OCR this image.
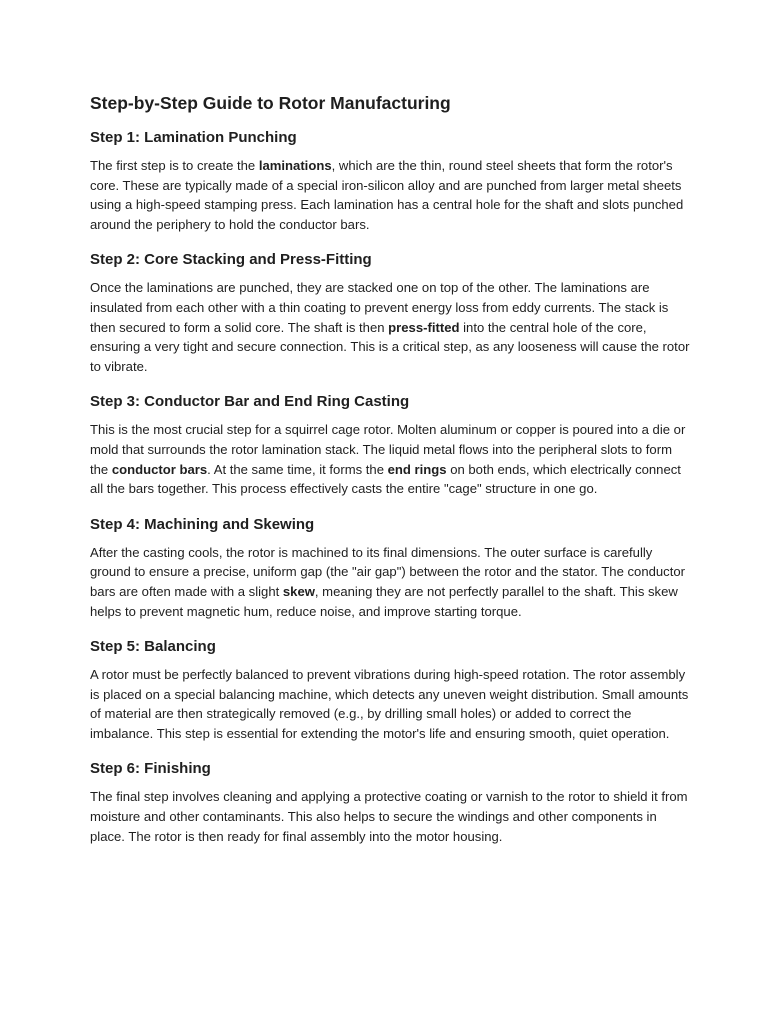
Step-by-Step Guide to Rotor Manufacturing
Step 1: Lamination Punching

The first step is to create the laminations, which are the thin, round steel sheets that form the rotor's core. These are typically made of a special iron-silicon alloy and are punched from larger metal sheets using a high-speed stamping press. Each lamination has a central hole for the shaft and slots punched around the periphery to hold the conductor bars.

Step 2: Core Stacking and Press-Fitting

Once the laminations are punched, they are stacked one on top of the other. The laminations are insulated from each other with a thin coating to prevent energy loss from eddy currents. The stack is then secured to form a solid core. The shaft is then press-fitted into the central hole of the core, ensuring a very tight and secure connection. This is a critical step, as any looseness will cause the rotor to vibrate.

Step 3: Conductor Bar and End Ring Casting

This is the most crucial step for a squirrel cage rotor. Molten aluminum or copper is poured into a die or mold that surrounds the rotor lamination stack. The liquid metal flows into the peripheral slots to form the conductor bars. At the same time, it forms the end rings on both ends, which electrically connect all the bars together. This process effectively casts the entire "cage" structure in one go.

Step 4: Machining and Skewing

After the casting cools, the rotor is machined to its final dimensions. The outer surface is carefully ground to ensure a precise, uniform gap (the "air gap") between the rotor and the stator. The conductor bars are often made with a slight skew, meaning they are not perfectly parallel to the shaft. This skew helps to prevent magnetic hum, reduce noise, and improve starting torque.

Step 5: Balancing

A rotor must be perfectly balanced to prevent vibrations during high-speed rotation. The rotor assembly is placed on a special balancing machine, which detects any uneven weight distribution. Small amounts of material are then strategically removed (e.g., by drilling small holes) or added to correct the imbalance. This step is essential for extending the motor's life and ensuring smooth, quiet operation.

Step 6: Finishing

The final step involves cleaning and applying a protective coating or varnish to the rotor to shield it from moisture and other contaminants. This also helps to secure the windings and other components in place. The rotor is then ready for final assembly into the motor housing.
